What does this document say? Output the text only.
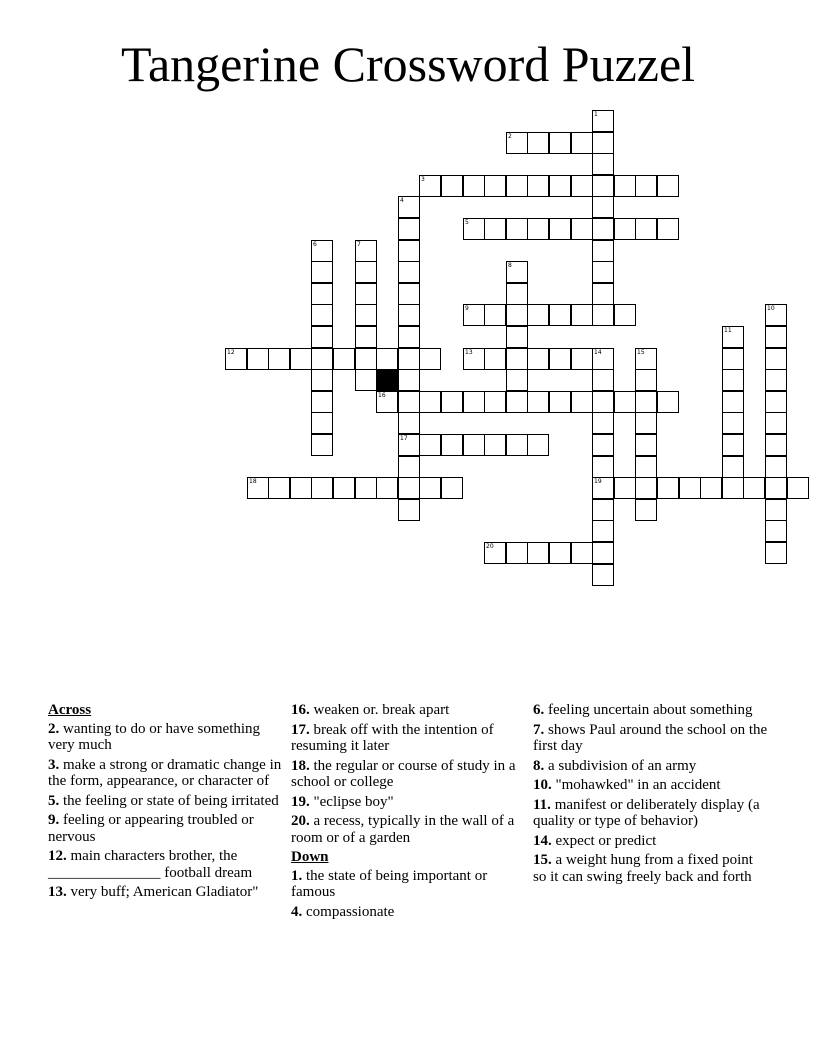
Tangerine Crossword Puzzel
1
2
3
4
17
5
6	7
8
9	10
11
12	13	14
19
15
16
18
20
Across
2. wanting to do or have something very much
3. make a strong or dramatic change in the form, appearance, or character of
5. the feeling or state of being irritated
9. feeling or appearing troubled or nervous
12. main characters brother, the _______________ football dream
13. very buff; American Gladiator"
16. weaken or. break apart
17. break off with the intention of resuming it later
18. the regular or course of study in a school or college
19. "eclipse boy"
20. a recess, typically in the wall of a room or of a garden
Down
1. the state of being important or famous
4. compassionate
6. feeling uncertain about something
7. shows Paul around the school on the first day
8. a subdivision of an army
10. "mohawked" in an accident
11. manifest or deliberately display (a quality or type of behavior)
14. expect or predict
15. a weight hung from a fixed point so it can swing freely back and forth
